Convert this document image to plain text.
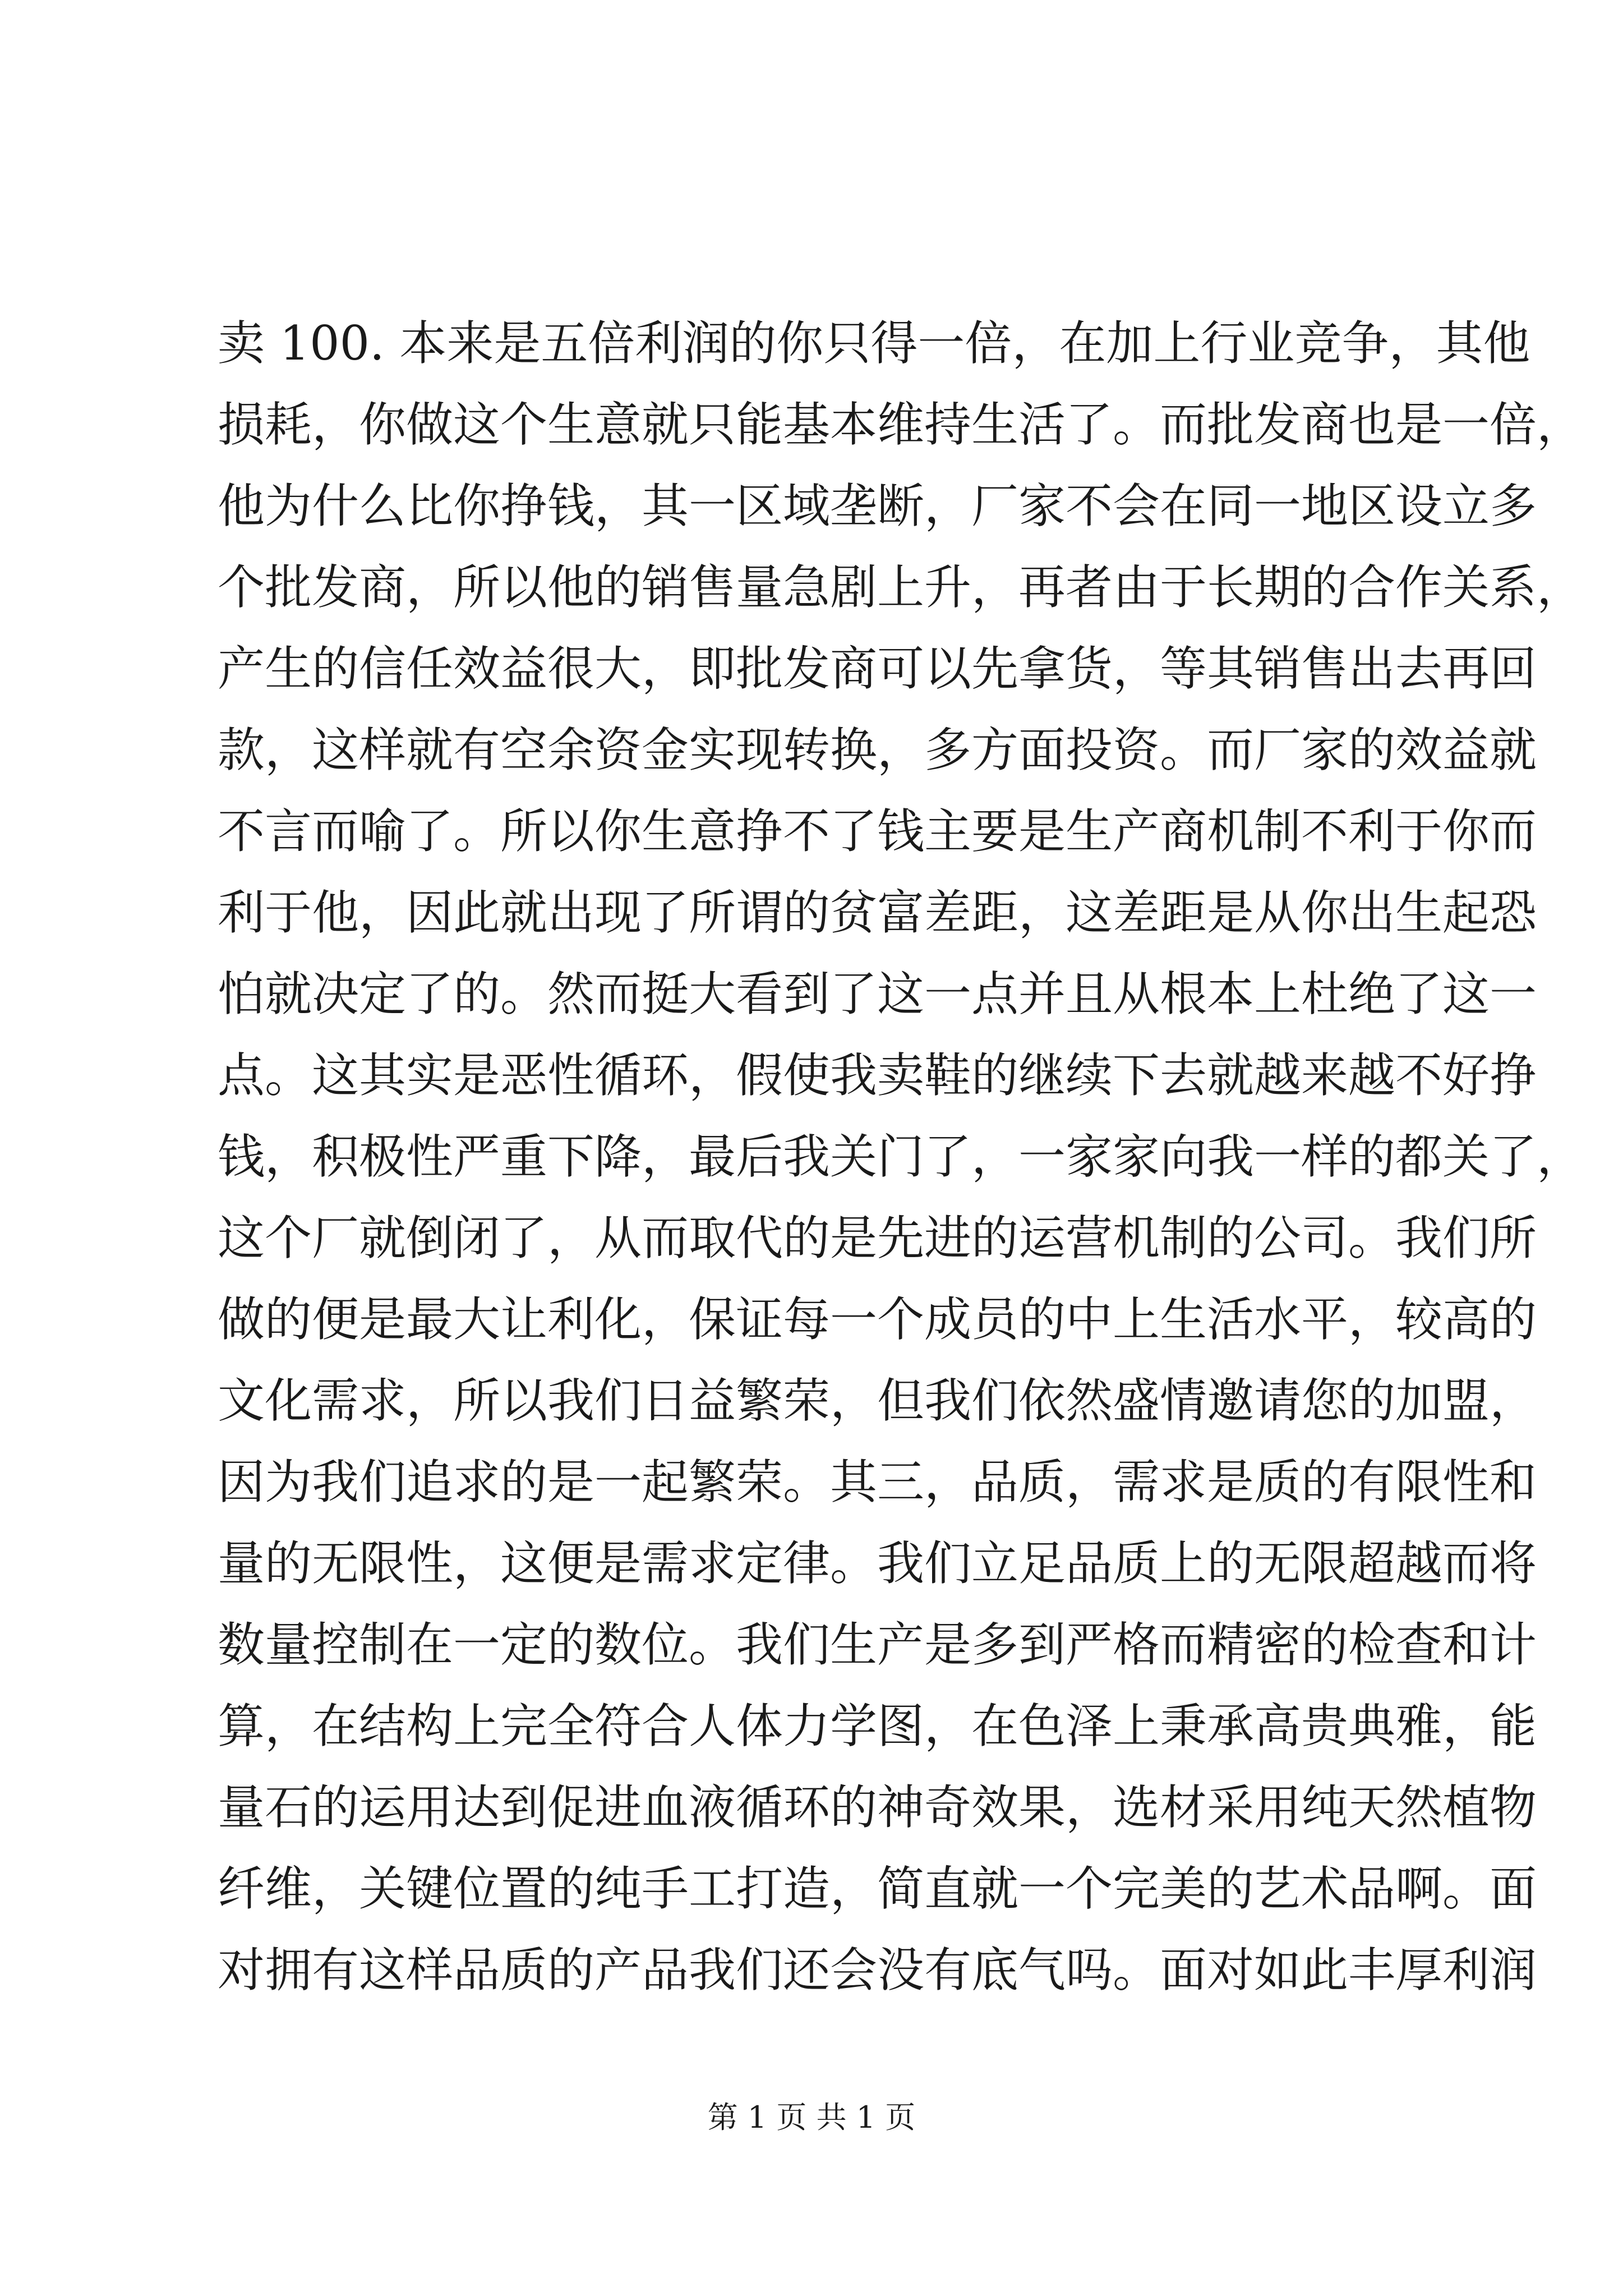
卖 100. 本来是五倍利润的你只得一倍，在加上行业竞争，其他
损耗，你做这个生意就只能基本维持生活了。而批发商也是一倍，
他为什么比你挣钱，其一区域垄断，厂家不会在同一地区设立多
个批发商，所以他的销售量急剧上升，再者由于长期的合作关系，
产生的信任效益很大，即批发商可以先拿货，等其销售出去再回
款，这样就有空余资金实现转换，多方面投资。而厂家的效益就
不言而喻了。所以你生意挣不了钱主要是生产商机制不利于你而
利于他，因此就出现了所谓的贫富差距，这差距是从你出生起恐
怕就决定了的。然而挺大看到了这一点并且从根本上杜绝了这一
点。这其实是恶性循环，假使我卖鞋的继续下去就越来越不好挣
钱，积极性严重下降，最后我关门了，一家家向我一样的都关了，
这个厂就倒闭了，从而取代的是先进的运营机制的公司。我们所
做的便是最大让利化，保证每一个成员的中上生活水平，较高的
文化需求，所以我们日益繁荣，但我们依然盛情邀请您的加盟，
因为我们追求的是一起繁荣。其三，品质，需求是质的有限性和
量的无限性，这便是需求定律。我们立足品质上的无限超越而将
数量控制在一定的数位。我们生产是多到严格而精密的检查和计
算，在结构上完全符合人体力学图，在色泽上秉承高贵典雅，能
量石的运用达到促进血液循环的神奇效果，选材采用纯天然植物
纤维，关键位置的纯手工打造，简直就一个完美的艺术品啊。面
对拥有这样品质的产品我们还会没有底气吗。面对如此丰厚利润
第 1 页 共 1 页
